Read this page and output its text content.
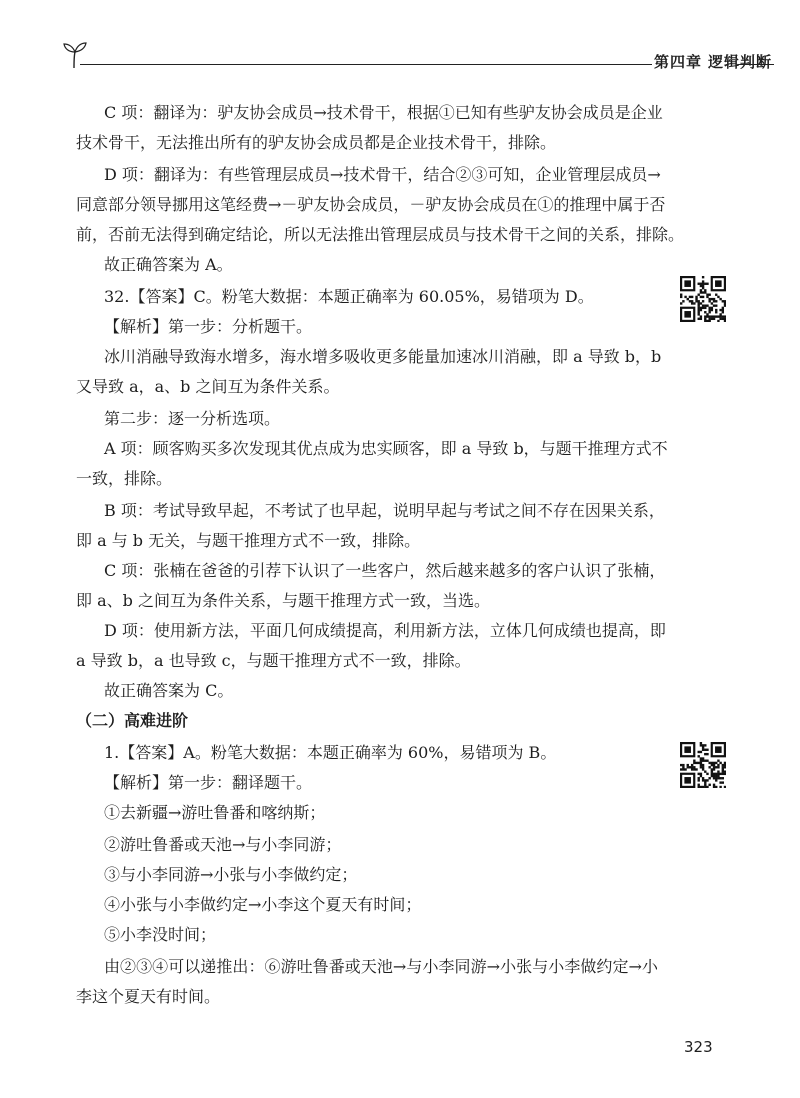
第四章 逻辑判断
C 项：翻译为：驴友协会成员→技术骨干，根据①已知有些驴友协会成员是企业
技术骨干，无法推出所有的驴友协会成员都是企业技术骨干，排除。
D 项：翻译为：有些管理层成员→技术骨干，结合②③可知，企业管理层成员→
同意部分领导挪用这笔经费→－驴友协会成员，－驴友协会成员在①的推理中属于否
前，否前无法得到确定结论，所以无法推出管理层成员与技术骨干之间的关系，排除。
故正确答案为 A。
32.【答案】C。粉笔大数据：本题正确率为 60.05%，易错项为 D。
【解析】第一步：分析题干。
冰川消融导致海水增多，海水增多吸收更多能量加速冰川消融，即 a 导致 b，b
又导致 a，a、b 之间互为条件关系。
第二步：逐一分析选项。
A 项：顾客购买多次发现其优点成为忠实顾客，即 a 导致 b，与题干推理方式不
一致，排除。
B 项：考试导致早起，不考试了也早起，说明早起与考试之间不存在因果关系，
即 a 与 b 无关，与题干推理方式不一致，排除。
C 项：张楠在爸爸的引荐下认识了一些客户，然后越来越多的客户认识了张楠，
即 a、b 之间互为条件关系，与题干推理方式一致，当选。
D 项：使用新方法，平面几何成绩提高，利用新方法，立体几何成绩也提高，即
a 导致 b，a 也导致 c，与题干推理方式不一致，排除。
故正确答案为 C。
（二）高难进阶
1.【答案】A。粉笔大数据：本题正确率为 60%，易错项为 B。
【解析】第一步：翻译题干。
①去新疆→游吐鲁番和喀纳斯；
②游吐鲁番或天池→与小李同游；
③与小李同游→小张与小李做约定；
④小张与小李做约定→小李这个夏天有时间；
⑤小李没时间；
由②③④可以递推出：⑥游吐鲁番或天池→与小李同游→小张与小李做约定→小
李这个夏天有时间。
323
